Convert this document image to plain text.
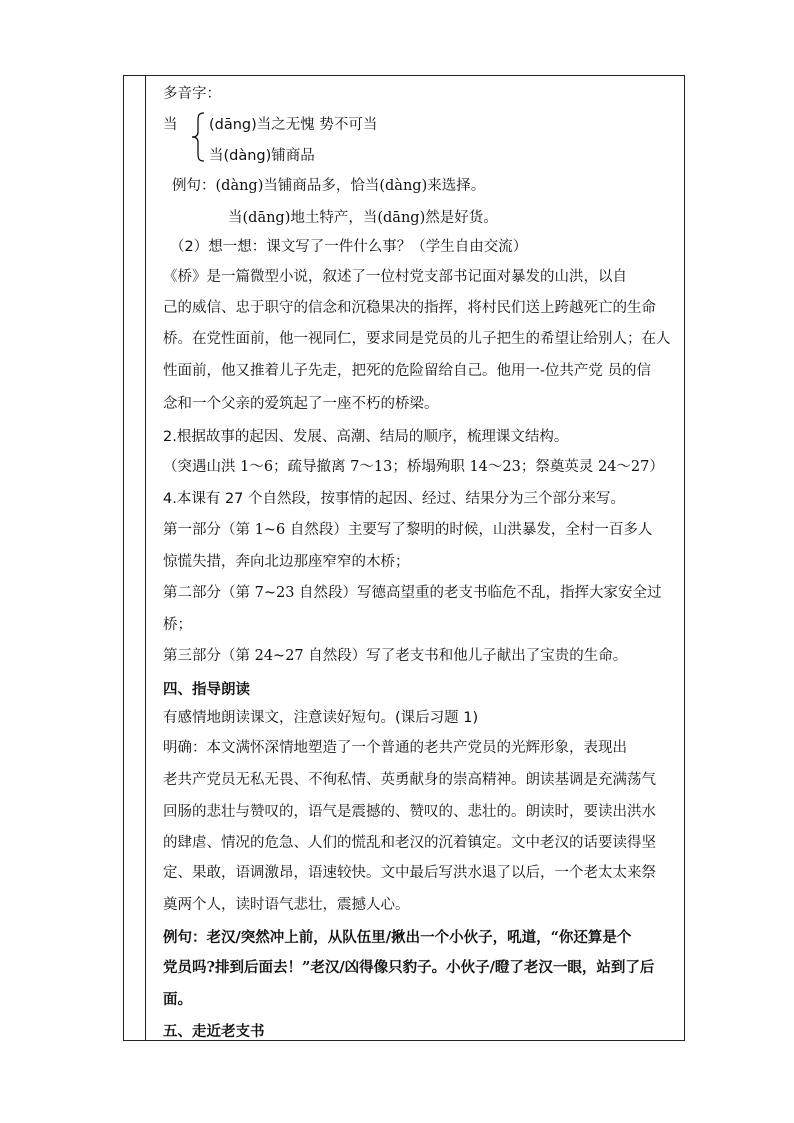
多音字：
当 (dāng)当之无愧 势不可当
当(dàng)铺商品
例句：(dàng)当铺商品多，恰当(dàng)来选择。
当(dāng)地土特产，当(dāng)然是好货。
（2）想一想：课文写了一件什么事？（学生自由交流）
《桥》是一篇微型小说，叙述了一位村党支部书记面对暴发的山洪，以自
己的威信、忠于职守的信念和沉稳果决的指挥，将村民们送上跨越死亡的生命
桥。在党性面前，他一视同仁，要求同是党员的儿子把生的希望让给别人；在人
性面前，他又推着儿子先走，把死的危险留给自己。他用一-位共产党 员的信
念和一个父亲的爱筑起了一座不朽的桥梁。
2.根据故事的起因、发展、高潮、结局的顺序，梳理课文结构。
（突遇山洪 1～6；疏导撤离 7～13；桥塌殉职 14～23；祭奠英灵 24～27）
4.本课有 27 个自然段，按事情的起因、经过、结果分为三个部分来写。
第一部分（第 1~6 自然段）主要写了黎明的时候，山洪暴发，全村一百多人
惊慌失措，奔向北边那座窄窄的木桥；
第二部分（第 7~23 自然段）写德高望重的老支书临危不乱，指挥大家安全过
桥；
第三部分（第 24~27 自然段）写了老支书和他儿子献出了宝贵的生命。
四、指导朗读
有感情地朗读课文，注意读好短句。(课后习题 1)
明确：本文满怀深情地塑造了一个普通的老共产党员的光辉形象，表现出
老共产党员无私无畏、不徇私情、英勇献身的崇高精神。朗读基调是充满荡气
回肠的悲壮与赞叹的，语气是震撼的、赞叹的、悲壮的。朗读时，要读出洪水
的肆虐、情况的危急、人们的慌乱和老汉的沉着镇定。文中老汉的话要读得坚
定、果敢，语调激昂，语速较快。文中最后写洪水退了以后，一个老太太来祭
奠两个人，读时语气悲壮，震撼人心。
例句：老汉/突然冲上前，从队伍里/揪出一个小伙子，吼道，“你还算是个
党员吗?排到后面去！”老汉/凶得像只豹子。小伙子/瞪了老汉一眼，站到了后
面。
五、走近老支书
